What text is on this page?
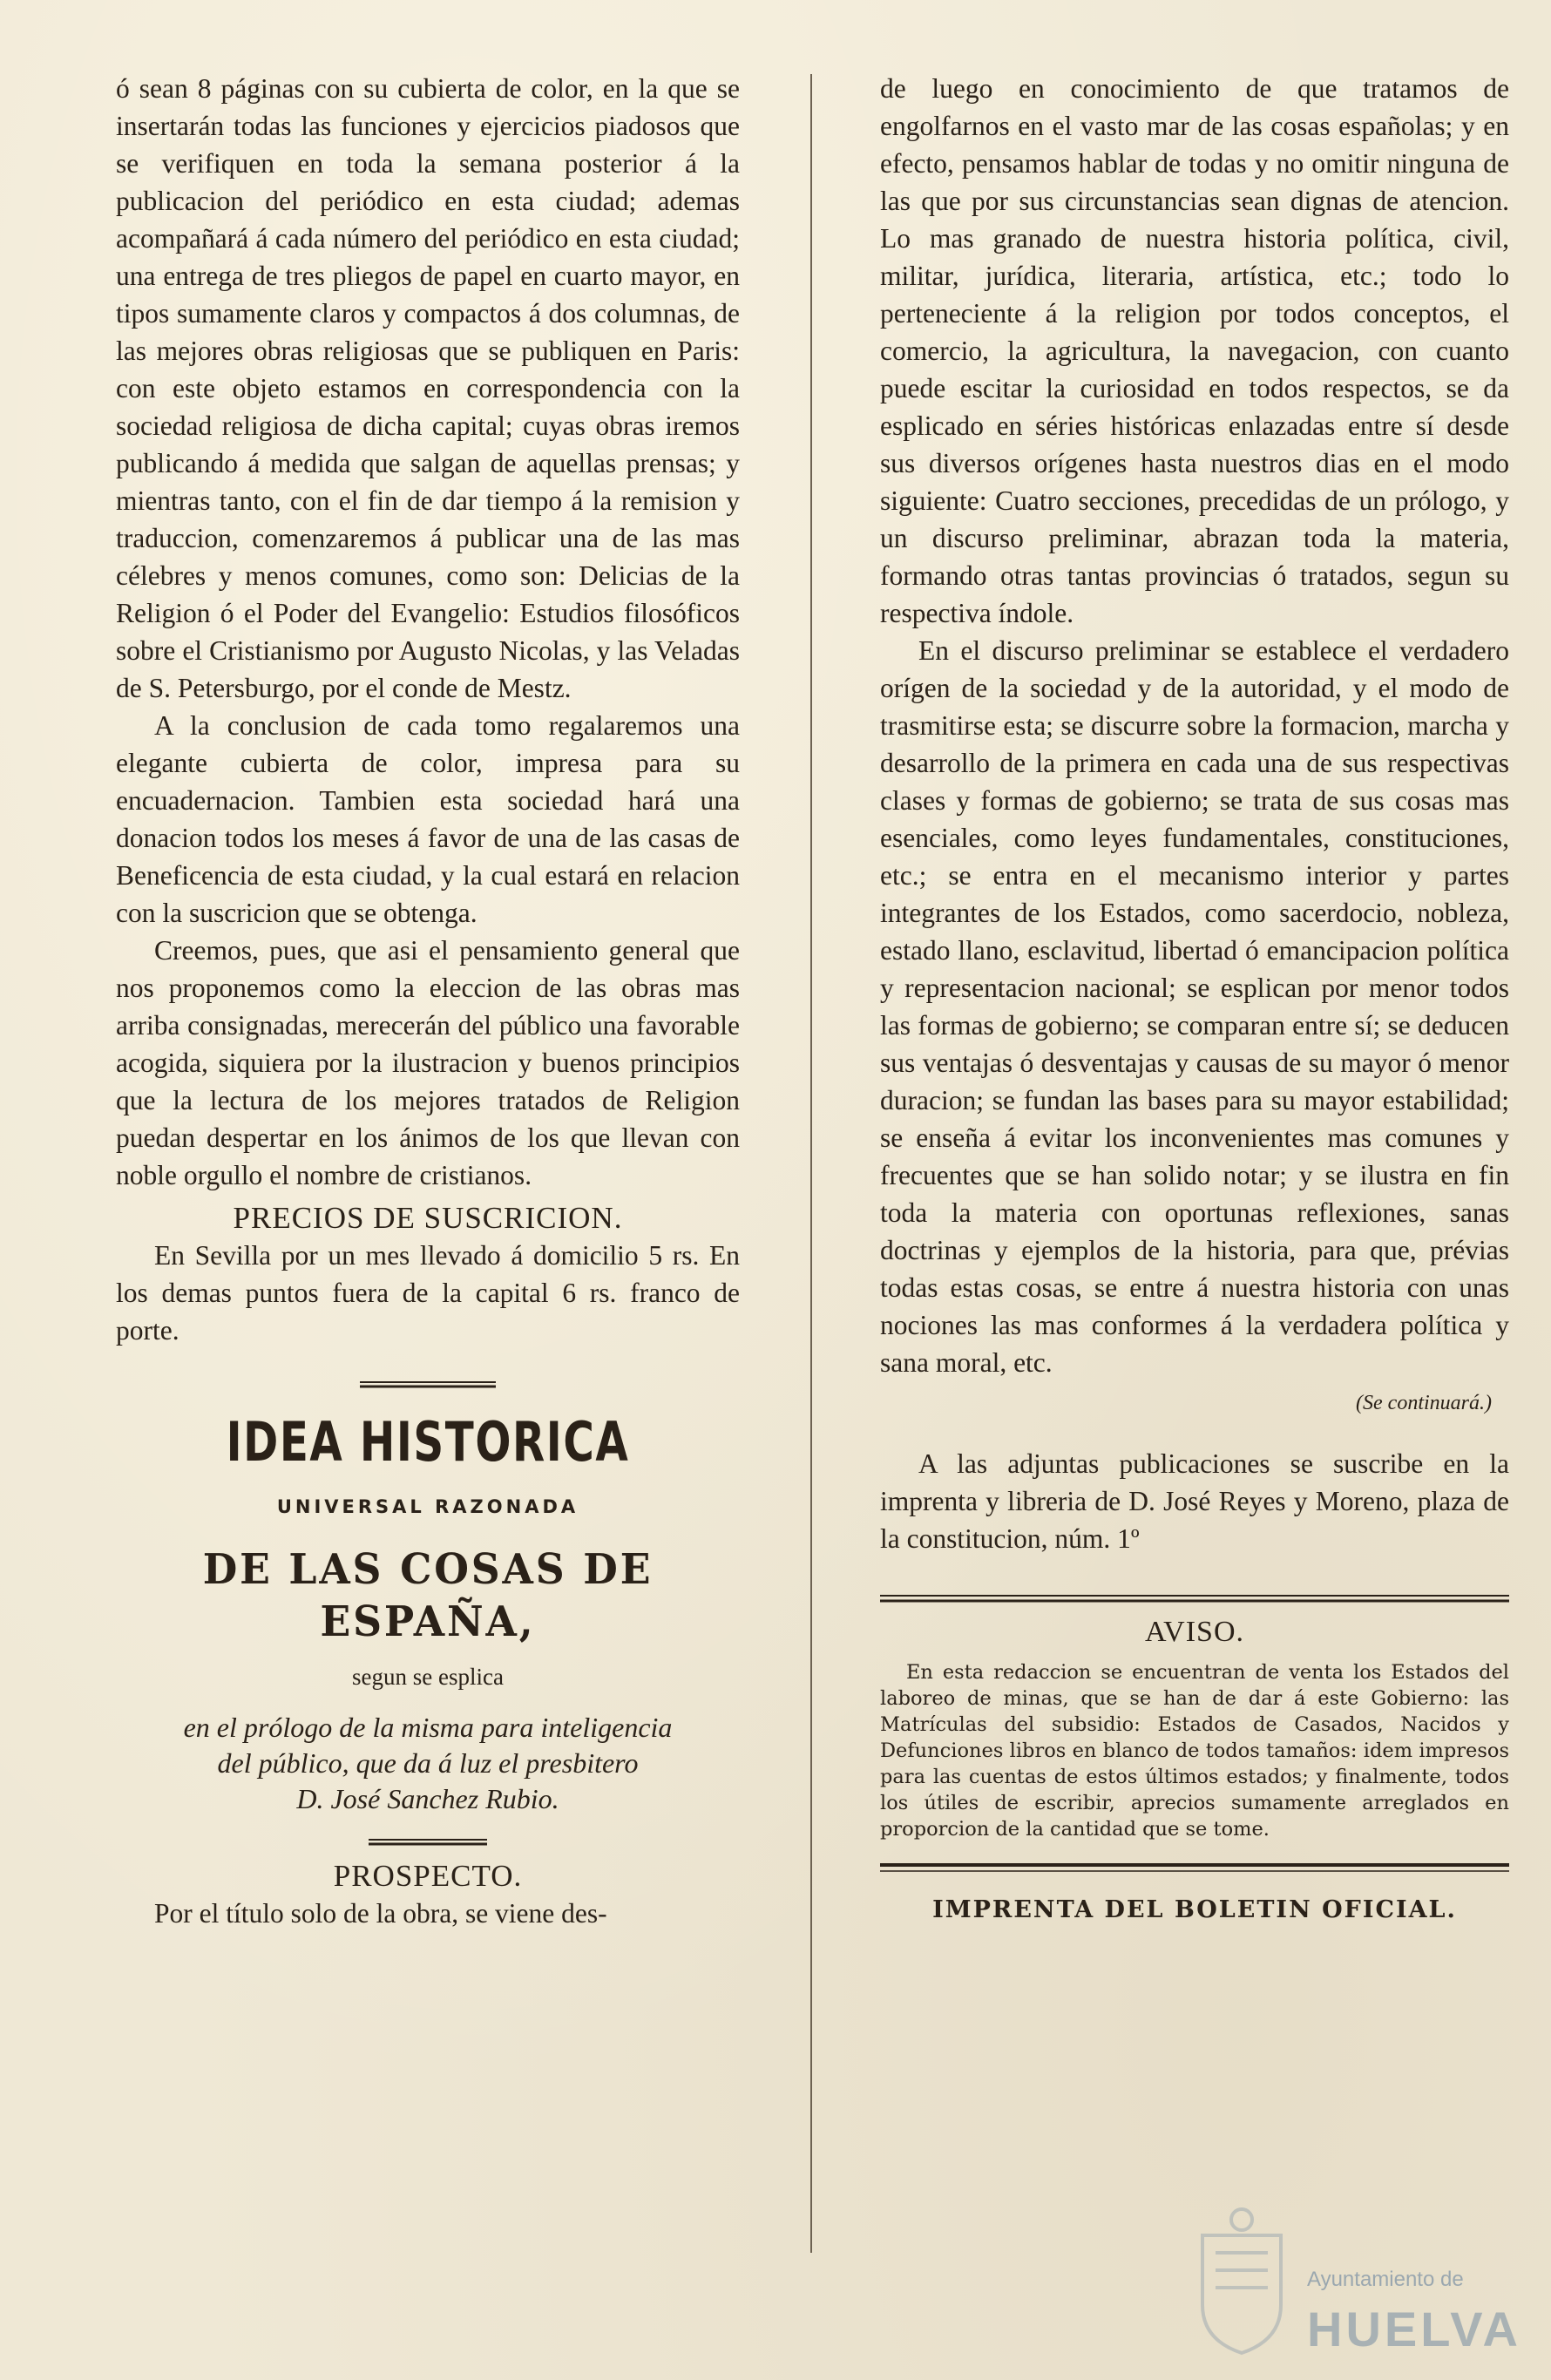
ó sean 8 páginas con su cubierta de color, en la que se insertarán todas las funciones y ejercicios piadosos que se verifiquen en toda la semana posterior á la publicacion del periódico en esta ciudad; ademas acompañará á cada número del periódico en esta ciudad; una entrega de tres pliegos de papel en cuarto mayor, en tipos sumamente claros y compactos á dos columnas, de las mejores obras religiosas que se publiquen en Paris: con este objeto estamos en correspondencia con la sociedad religiosa de dicha capital; cuyas obras iremos publicando á medida que salgan de aquellas prensas; y mientras tanto, con el fin de dar tiempo á la remision y traduccion, comenzaremos á publicar una de las mas célebres y menos comunes, como son: Delicias de la Religion ó el Poder del Evangelio: Estudios filosóficos sobre el Cristianismo por Augusto Nicolas, y las Veladas de S. Petersburgo, por el conde de Mestz.

A la conclusion de cada tomo regalaremos una elegante cubierta de color, impresa para su encuadernacion. Tambien esta sociedad hará una donacion todos los meses á favor de una de las casas de Beneficencia de esta ciudad, y la cual estará en relacion con la suscricion que se obtenga.

Creemos, pues, que asi el pensamiento general que nos proponemos como la eleccion de las obras mas arriba consignadas, merecerán del público una favorable acogida, siquiera por la ilustracion y buenos principios que la lectura de los mejores tratados de Religion puedan despertar en los ánimos de los que llevan con noble orgullo el nombre de cristianos.

PRECIOS DE SUSCRICION.

En Sevilla por un mes llevado á domicilio 5 rs. En los demas puntos fuera de la capital 6 rs. franco de porte.

IDEA HISTORICA
UNIVERSAL RAZONADA
DE LAS COSAS DE ESPAÑA,
segun se esplica
en el prólogo de la misma para inteligencia
del público, que da á luz el presbitero
D. José Sanchez Rubio.
PROSPECTO.

Por el título solo de la obra, se viene des-

de luego en conocimiento de que tratamos de engolfarnos en el vasto mar de las cosas españolas; y en efecto, pensamos hablar de todas y no omitir ninguna de las que por sus circunstancias sean dignas de atencion. Lo mas granado de nuestra historia política, civil, militar, jurídica, literaria, artística, etc.; todo lo perteneciente á la religion por todos conceptos, el comercio, la agricultura, la navegacion, con cuanto puede escitar la curiosidad en todos respectos, se da esplicado en séries históricas enlazadas entre sí desde sus diversos orígenes hasta nuestros dias en el modo siguiente: Cuatro secciones, precedidas de un prólogo, y un discurso preliminar, abrazan toda la materia, formando otras tantas provincias ó tratados, segun su respectiva índole.

En el discurso preliminar se establece el verdadero orígen de la sociedad y de la autoridad, y el modo de trasmitirse esta; se discurre sobre la formacion, marcha y desarrollo de la primera en cada una de sus respectivas clases y formas de gobierno; se trata de sus cosas mas esenciales, como leyes fundamentales, constituciones, etc.; se entra en el mecanismo interior y partes integrantes de los Estados, como sacerdocio, nobleza, estado llano, esclavitud, libertad ó emancipacion política y representacion nacional; se esplican por menor todos las formas de gobierno; se comparan entre sí; se deducen sus ventajas ó desventajas y causas de su mayor ó menor duracion; se fundan las bases para su mayor estabilidad; se enseña á evitar los inconvenientes mas comunes y frecuentes que se han solido notar; y se ilustra en fin toda la materia con oportunas reflexiones, sanas doctrinas y ejemplos de la historia, para que, prévias todas estas cosas, se entre á nuestra historia con unas nociones las mas conformes á la verdadera política y sana moral, etc.

(Se continuará.)

A las adjuntas publicaciones se suscribe en la imprenta y libreria de D. José Reyes y Moreno, plaza de la constitucion, núm. 1º

AVISO.

En esta redaccion se encuentran de venta los Estados del laboreo de minas, que se han de dar á este Gobierno: las Matrículas del subsidio: Estados de Casados, Nacidos y Defunciones libros en blanco de todos tamaños: idem impresos para las cuentas de estos últimos estados; y finalmente, todos los útiles de escribir, aprecios sumamente arreglados en proporcion de la cantidad que se tome.

IMPRENTA DEL BOLETIN OFICIAL.
Ayuntamiento de
HUELVA
